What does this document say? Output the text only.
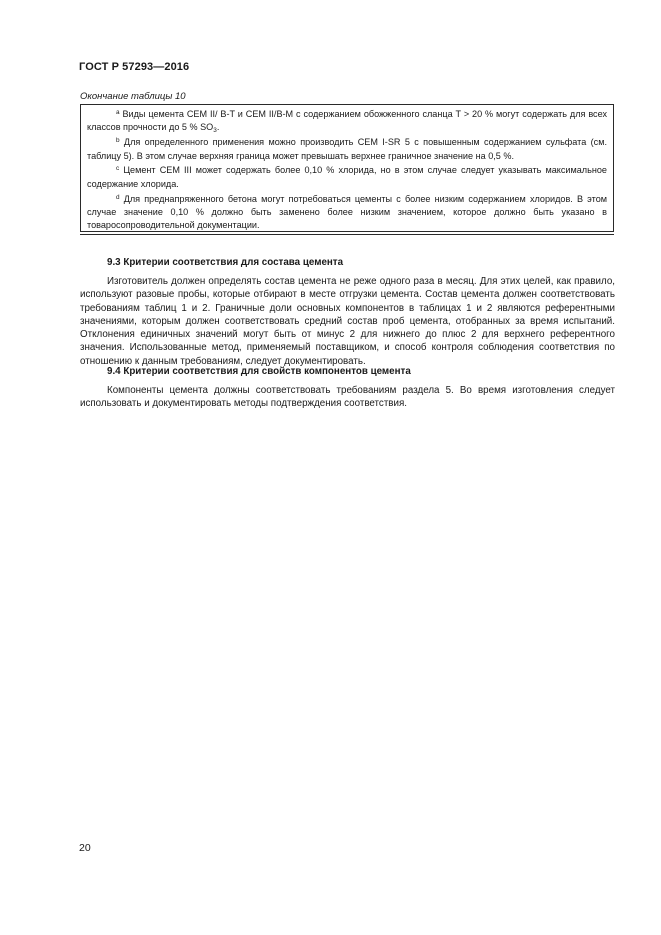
ГОСТ Р 57293—2016
Окончание таблицы 10

$^a$ Виды цемента CEM II/ B-T и CEM II/B-M с содержанием обожженного сланца T > 20 % могут содержать для всех классов прочности до 5 % $SO_3$.

$^b$ Для определенного применения можно производить CEM I-SR 5 с повышенным содержанием сульфата (см. таблицу 5). В этом случае верхняя граница может превышать верхнее граничное значение на 0,5 %.

$^c$ Цемент CEM III может содержать более 0,10 % хлорида, но в этом случае следует указывать максимальное содержание хлорида.

$^d$ Для преднапряженного бетона могут потребоваться цементы с более низким содержанием хлоридов. В этом случае значение 0,10 % должно быть заменено более низким значением, которое должно быть указано в товаросопроводительной документации.

9.3 Критерии соответствия для состава цемента

Изготовитель должен определять состав цемента не реже одного раза в месяц. Для этих целей, как правило, используют разовые пробы, которые отбирают в месте отгрузки цемента. Состав цемента должен соответствовать требованиям таблиц 1 и 2. Граничные доли основных компонентов в таблицах 1 и 2 являются референтными значениями, которым должен соответствовать средний состав проб цемента, отобранных за время испытаний. Отклонения единичных значений могут быть от минус 2 для нижнего до плюс 2 для верхнего референтного значения. Использованные метод, применяемый поставщиком, и способ контроля соблюдения соответствия по отношению к данным требованиям, следует документировать.

9.4 Критерии соответствия для свойств компонентов цемента

Компоненты цемента должны соответствовать требованиям раздела 5. Во время изготовления следует использовать и документировать методы подтверждения соответствия.

20
